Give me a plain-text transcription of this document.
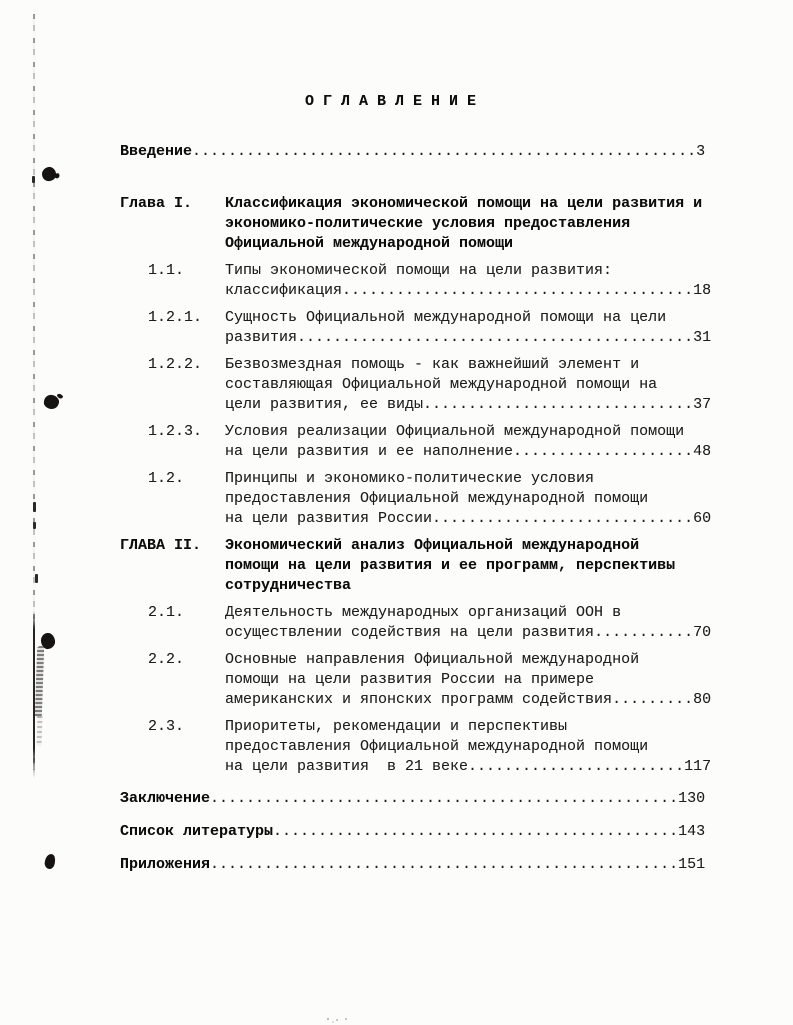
О Г Л А В Л Е Н И Е
Введение........................................................3
Глава I.	Классификация экономической помощи на цели развития и
экономико-политические условия предоставления
Официальной международной помощи
1.1.	Типы экономической помощи на цели развития:
классификация.......................................18
1.2.1.	Сущность Официальной международной помощи на цели
развития............................................31
1.2.2.	Безвозмездная помощь - как важнейший элемент и
составляющая Официальной международной помощи на
цели развития, ее виды..............................37
1.2.3.	Условия реализации Официальной международной помощи
на цели развития и ее наполнение....................48
1.2.	Принципы и экономико-политические условия
предоставления Официальной международной помощи
на цели развития России.............................60
ГЛАВА II.	Экономический анализ Официальной международной
помощи на цели развития и ее программ, перспективы
сотрудничества
2.1.	Деятельность международных организаций ООН в
осуществлении содействия на цели развития...........70
2.2.	Основные направления Официальной международной
помощи на цели развития России на примере
американских и японских программ содействия.........80
2.3.	Приоритеты, рекомендации и перспективы
предоставления Официальной международной помощи
на цели развития  в 21 веке........................117
Заключение....................................................130
Список литературы.............................................143
Приложения....................................................151
